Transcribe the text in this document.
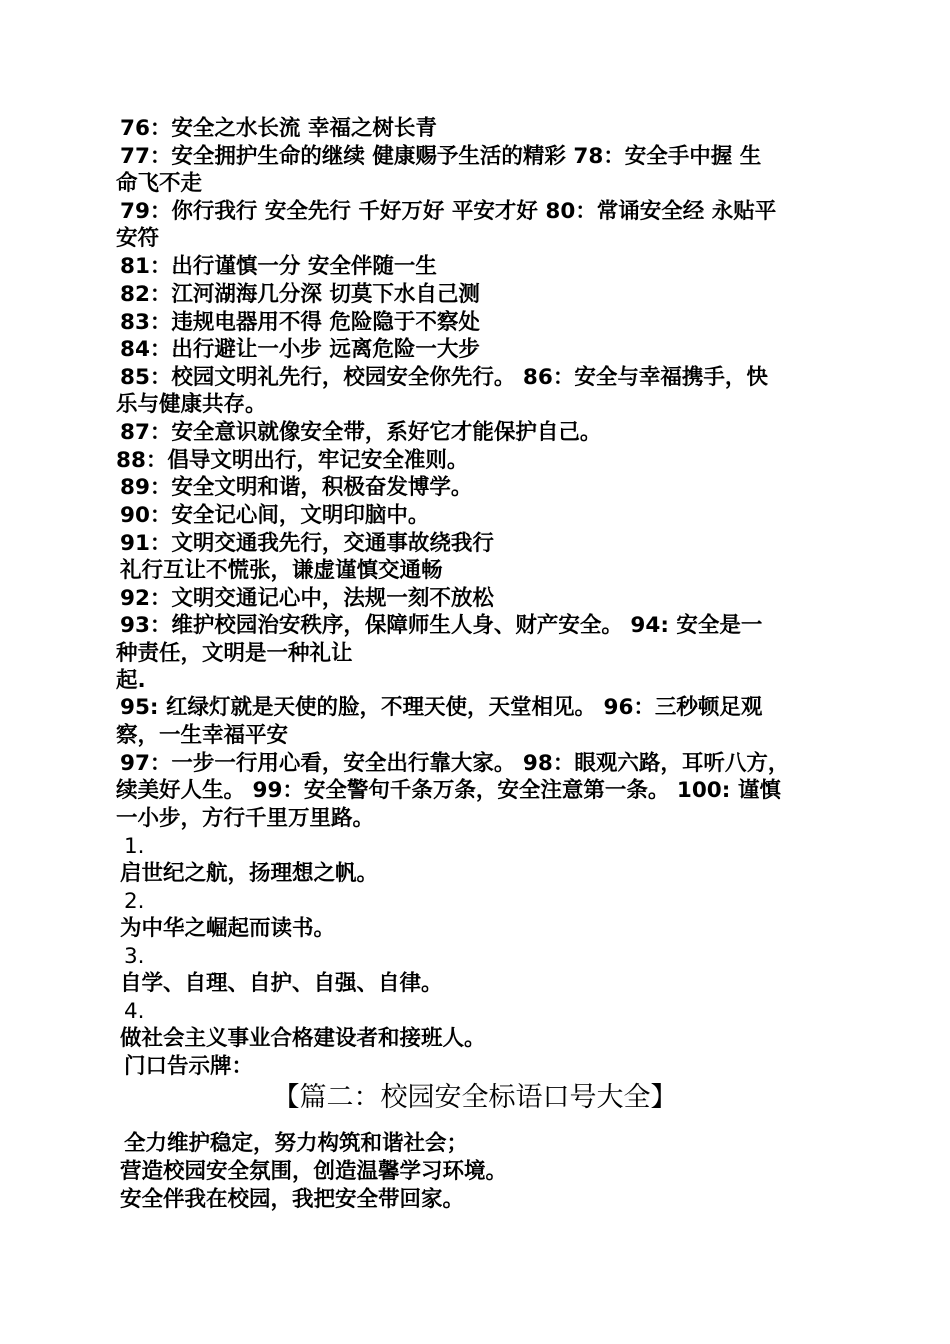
76：安全之水长流 幸福之树长青
77：安全拥护生命的继续 健康赐予生活的精彩 78：安全手中握 生
命飞不走
79：你行我行 安全先行 千好万好 平安才好 80：常诵安全经 永贴平
安符
81：出行谨慎一分 安全伴随一生
82：江河湖海几分深 切莫下水自己测
83：违规电器用不得 危险隐于不察处
84：出行避让一小步 远离危险一大步
85：校园文明礼先行，校园安全你先行。 86：安全与幸福携手，快
乐与健康共存。
87：安全意识就像安全带，系好它才能保护自己。
88：倡导文明出行，牢记安全准则。
89：安全文明和谐，积极奋发博学。
90：安全记心间，文明印脑中。
91：文明交通我先行，交通事故绕我行
礼行互让不慌张，谦虚谨慎交通畅
92：文明交通记心中，法规一刻不放松
93：维护校园治安秩序，保障师生人身、财产安全。 94: 安全是一
种责任，文明是一种礼让
起.
95: 红绿灯就是天使的脸，不理天使，天堂相见。 96：三秒顿足观
察，一生幸福平安
97：一步一行用心看，安全出行靠大家。 98：眼观六路，耳听八方，
续美好人生。 99：安全警句千条万条，安全注意第一条。 100: 谨慎
一小步，方行千里万里路。
1.
启世纪之航，扬理想之帆。
2.
为中华之崛起而读书。
3.
自学、自理、自护、自强、自律。
4.
做社会主义事业合格建设者和接班人。
门口告示牌：
【篇二：校园安全标语口号大全】
全力维护稳定，努力构筑和谐社会；
营造校园安全氛围，创造温馨学习环境。
安全伴我在校园，我把安全带回家。
